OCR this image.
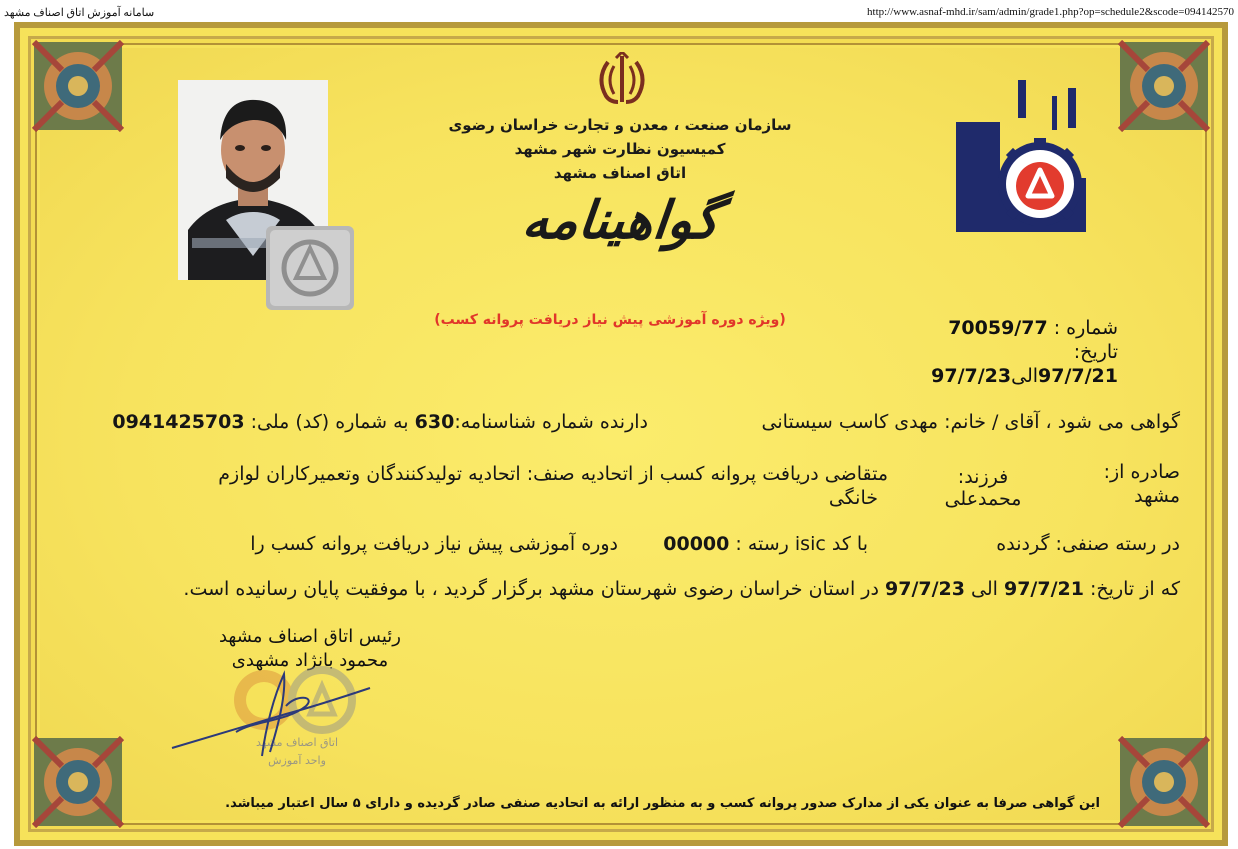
سامانه آموزش اتاق اصناف مشهد	http://www.asnaf-mhd.ir/sam/admin/grade1.php?op=schedule2&scode=094142570
سازمان صنعت ، معدن و تجارت خراسان رضوی
کمیسیون نظارت شهر مشهد
اتاق اصناف مشهد
گواهینامه
(ویژه دوره آموزشی پیش نیاز دریافت پروانه کسب)	شماره : 70059/77
تاریخ:
97/7/21الی97/7/23
گواهی می شود ، آقای / خانم: مهدی کاسب سیستانی
دارنده شماره شناسنامه:630 به شماره (کد) ملی: 0941425703
صادره از:
مشهد
فرزند:
محمدعلی
متقاضی دریافت پروانه کسب از اتحادیه صنف: اتحادیه تولیدکنندگان وتعمیرکاران لوازم
خانگی
در رسته صنفی: گردنده
با کد isic رسته : 00000
دوره آموزشی پیش نیاز دریافت پروانه کسب را
که از تاریخ: 97/7/21 الی 97/7/23 در استان خراسان رضوی شهرستان مشهد برگزار گردید ، با موفقیت پایان رسانیده است.
رئیس اتاق اصناف مشهد
محمود بانژاد مشهدی
اتاق اصناف مشهد
واحد آموزش
این گواهی صرفا به عنوان یکی از مدارک صدور پروانه کسب و به منظور ارائه به اتحادیه صنفی صادر گردیده و دارای ۵ سال اعتبار میباشد.
